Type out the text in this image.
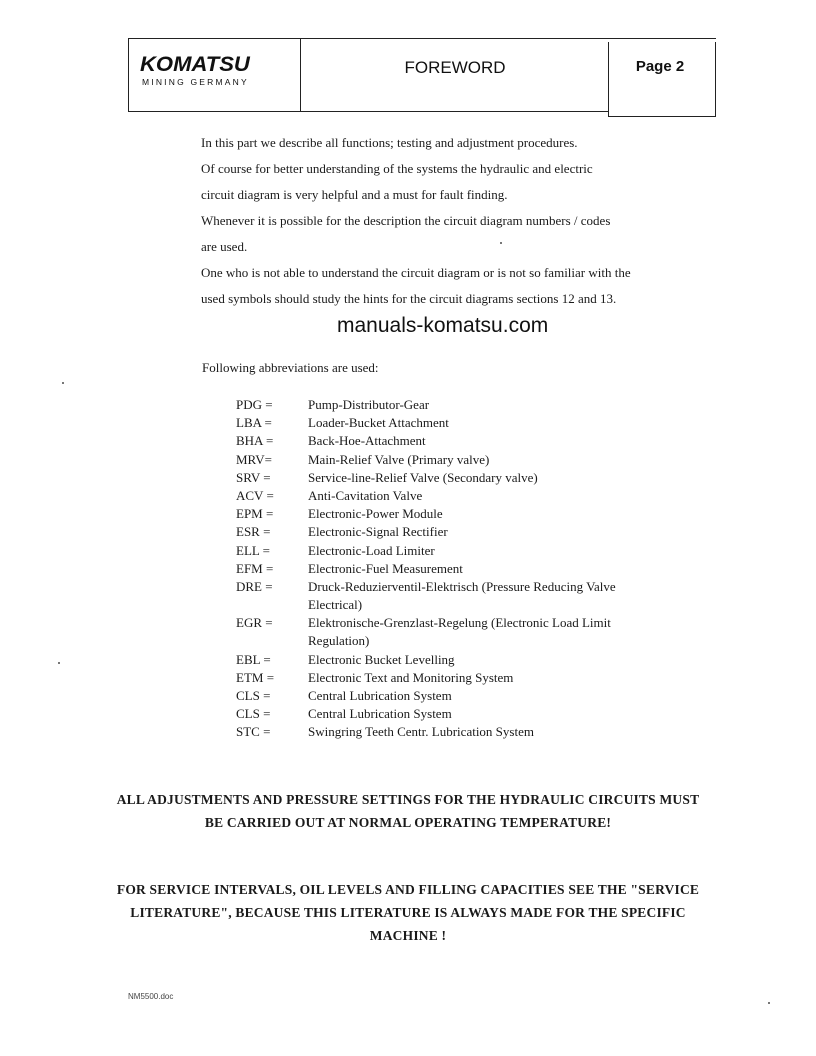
KOMATSU
MINING GERMANY
FOREWORD	Page 2

In this part we describe all functions; testing and adjustment procedures.

Of course for better understanding of the systems the hydraulic and electric

circuit diagram is very helpful and a must for fault finding.

Whenever it is possible for the description the circuit diagram numbers / codes

are used.

One who is not able to understand the circuit diagram or is not so familiar with the

used symbols should study the hints for the circuit diagrams sections 12 and 13.

manuals-komatsu.com
Following abbreviations are used:
PDG =	Pump-Distributor-Gear
LBA =	Loader-Bucket Attachment
BHA =	Back-Hoe-Attachment
MRV=	Main-Relief Valve (Primary valve)
SRV =	Service-line-Relief Valve (Secondary valve)
ACV =	Anti-Cavitation Valve
EPM =	Electronic-Power Module
ESR =	Electronic-Signal Rectifier
ELL =	Electronic-Load Limiter
EFM =	Electronic-Fuel Measurement
DRE =	Druck-Reduzierventil-Elektrisch (Pressure Reducing Valve Electrical)
EGR =	Elektronische-Grenzlast-Regelung (Electronic Load Limit Regulation)
EBL =	Electronic Bucket Levelling
ETM =	Electronic Text and Monitoring System
CLS =	Central Lubrication System
CLS =	Central Lubrication System
STC =	Swingring Teeth Centr. Lubrication System
ALL ADJUSTMENTS AND PRESSURE SETTINGS FOR THE HYDRAULIC CIRCUITS MUST BE CARRIED OUT AT NORMAL OPERATING TEMPERATURE!
FOR SERVICE INTERVALS, OIL LEVELS AND FILLING CAPACITIES SEE THE "SERVICE LITERATURE", BECAUSE THIS LITERATURE IS ALWAYS MADE FOR THE SPECIFIC MACHINE !
NM5500.doc
